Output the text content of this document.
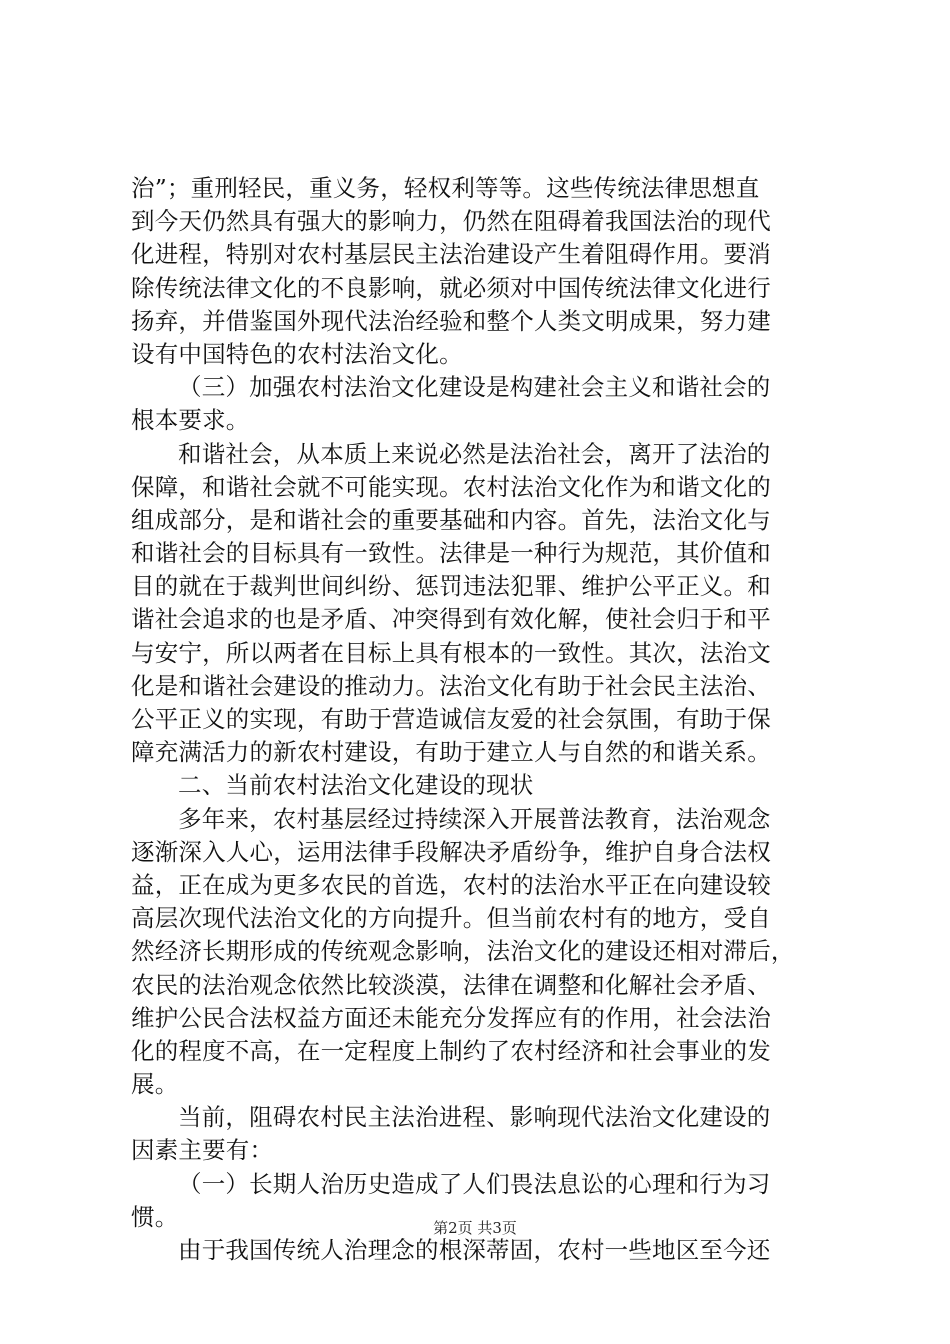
治”；重刑轻民，重义务，轻权利等等。这些传统法律思想直
到今天仍然具有强大的影响力，仍然在阻碍着我国法治的现代
化进程，特别对农村基层民主法治建设产生着阻碍作用。要消
除传统法律文化的不良影响，就必须对中国传统法律文化进行
扬弃，并借鉴国外现代法治经验和整个人类文明成果，努力建
设有中国特色的农村法治文化。
（三）加强农村法治文化建设是构建社会主义和谐社会的
根本要求。
和谐社会，从本质上来说必然是法治社会，离开了法治的
保障，和谐社会就不可能实现。农村法治文化作为和谐文化的
组成部分，是和谐社会的重要基础和内容。首先，法治文化与
和谐社会的目标具有一致性。法律是一种行为规范，其价值和
目的就在于裁判世间纠纷、惩罚违法犯罪、维护公平正义。和
谐社会追求的也是矛盾、冲突得到有效化解，使社会归于和平
与安宁，所以两者在目标上具有根本的一致性。其次，法治文
化是和谐社会建设的推动力。法治文化有助于社会民主法治、
公平正义的实现，有助于营造诚信友爱的社会氛围，有助于保
障充满活力的新农村建设，有助于建立人与自然的和谐关系。
二、当前农村法治文化建设的现状
多年来，农村基层经过持续深入开展普法教育，法治观念
逐渐深入人心，运用法律手段解决矛盾纷争，维护自身合法权
益，正在成为更多农民的首选，农村的法治水平正在向建设较
高层次现代法治文化的方向提升。但当前农村有的地方，受自
然经济长期形成的传统观念影响，法治文化的建设还相对滞后，
农民的法治观念依然比较淡漠，法律在调整和化解社会矛盾、
维护公民合法权益方面还未能充分发挥应有的作用，社会法治
化的程度不高，在一定程度上制约了农村经济和社会事业的发
展。
当前，阻碍农村民主法治进程、影响现代法治文化建设的
因素主要有：
（一）长期人治历史造成了人们畏法息讼的心理和行为习
惯。
由于我国传统人治理念的根深蒂固，农村一些地区至今还
第2页 共3页
